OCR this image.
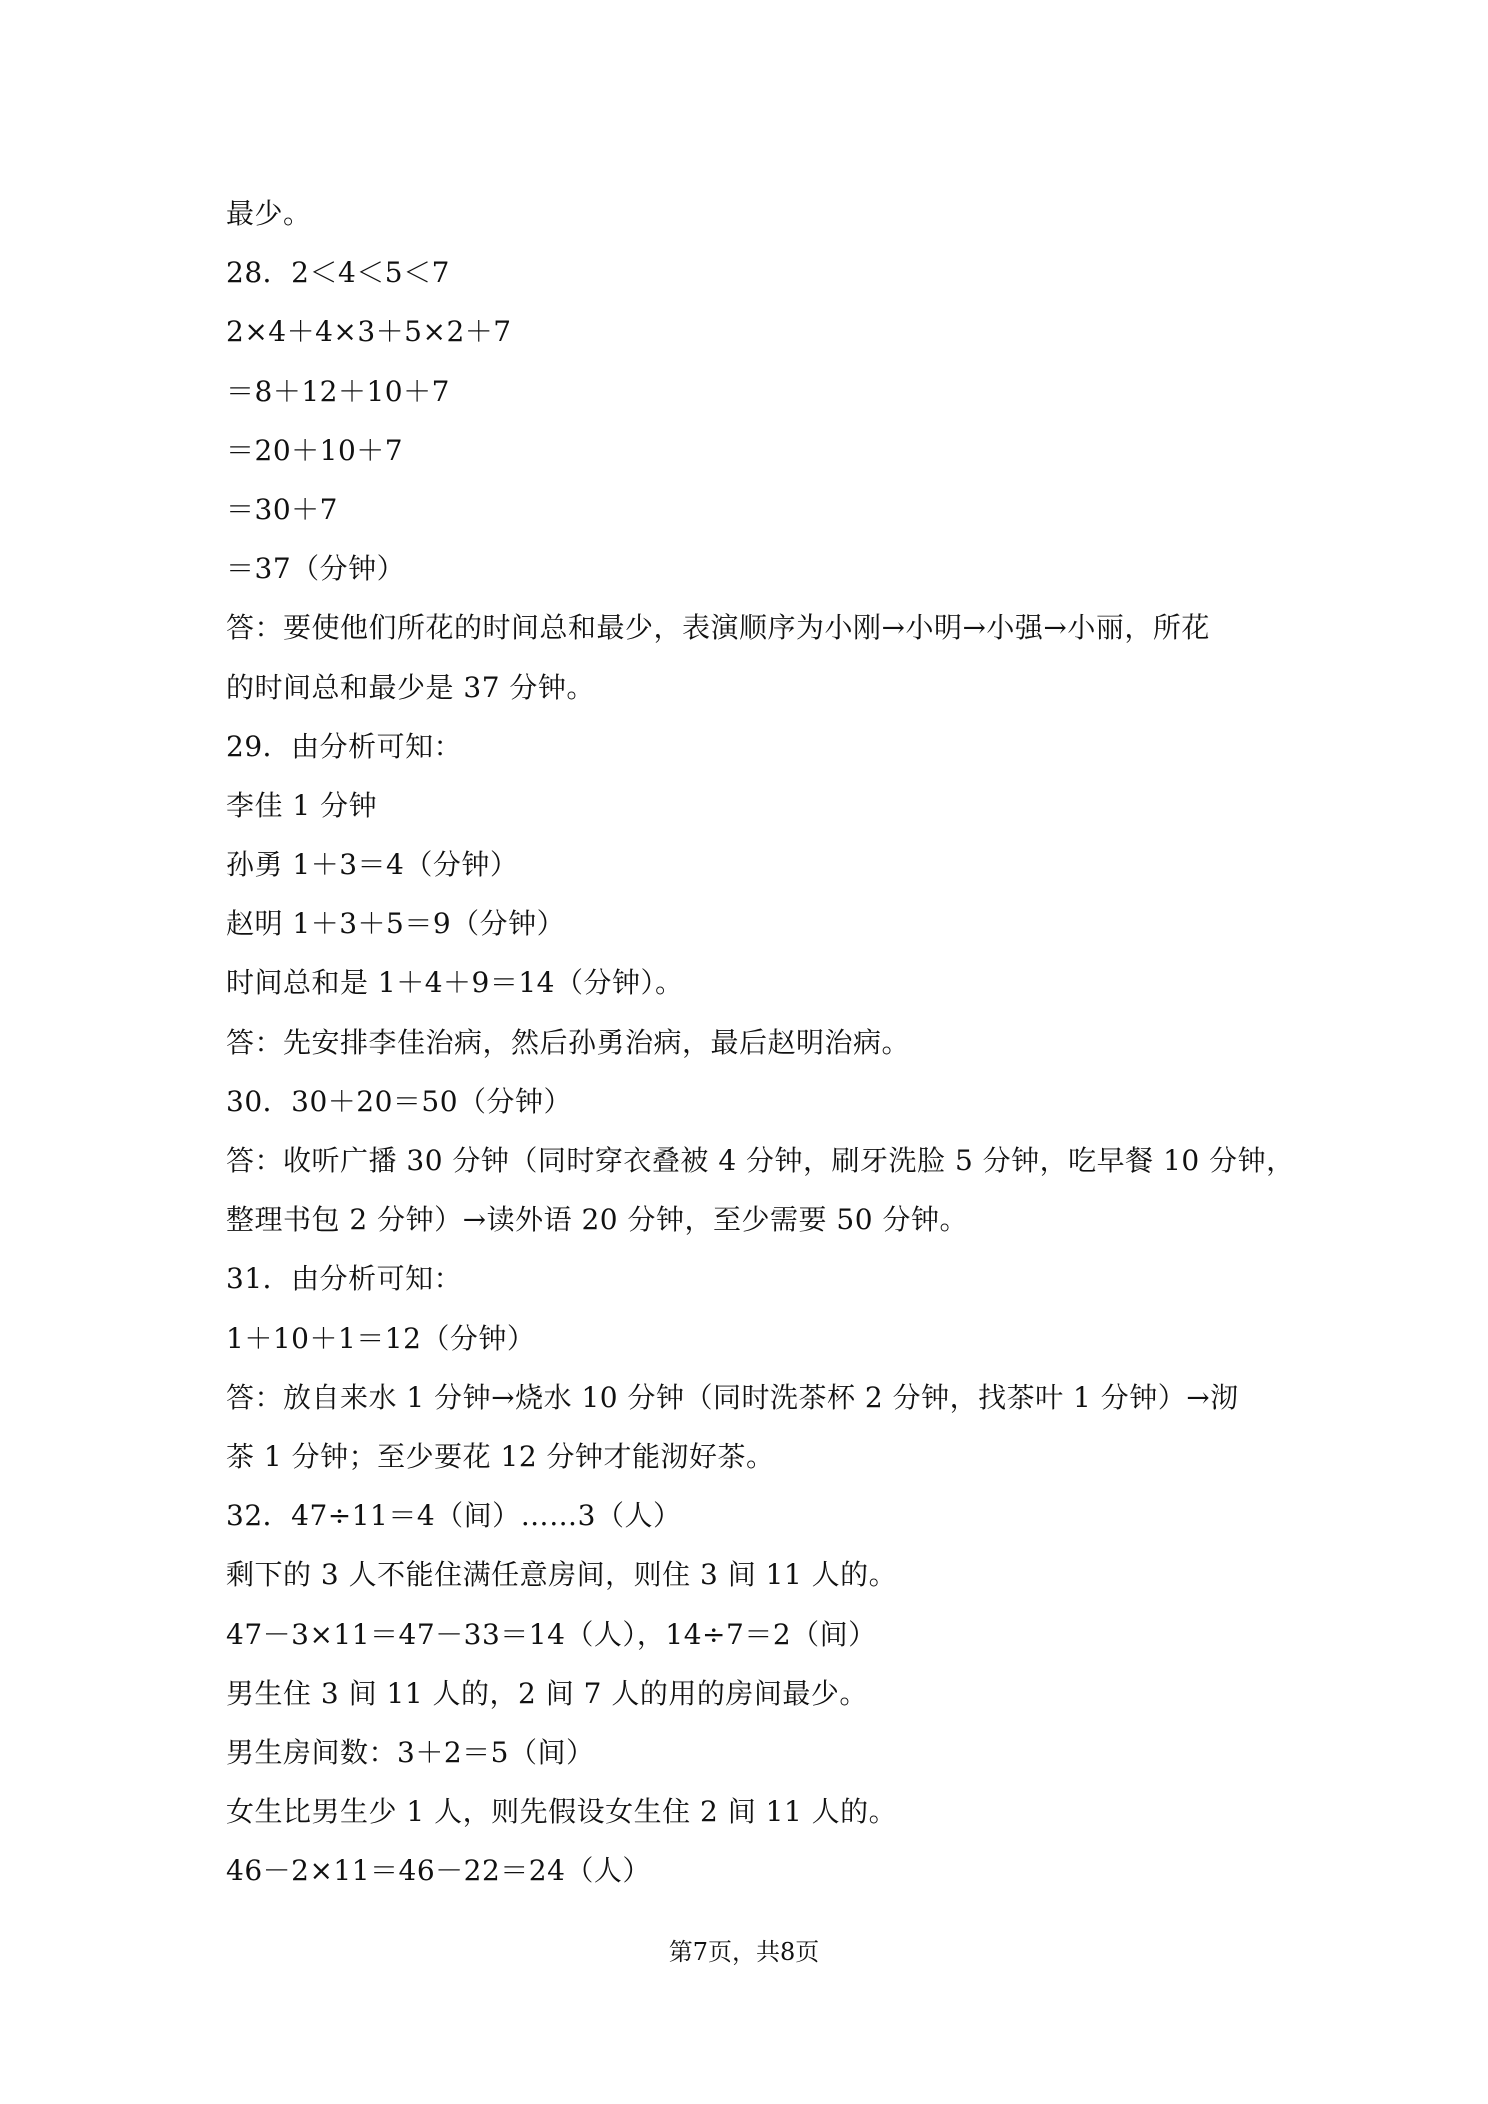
最少。
28．2＜4＜5＜7
2×4＋4×3＋5×2＋7
＝8＋12＋10＋7
＝20＋10＋7
＝30＋7
＝37（分钟）
答：要使他们所花的时间总和最少，表演顺序为小刚→小明→小强→小丽，所花
的时间总和最少是 37 分钟。
29．由分析可知：
李佳 1 分钟
孙勇 1＋3＝4（分钟）
赵明 1＋3＋5＝9（分钟）
时间总和是 1＋4＋9＝14（分钟）。
答：先安排李佳治病，然后孙勇治病，最后赵明治病。
30．30＋20＝50（分钟）
答：收听广播 30 分钟（同时穿衣叠被 4 分钟，刷牙洗脸 5 分钟，吃早餐 10 分钟，
整理书包 2 分钟）→读外语 20 分钟，至少需要 50 分钟。
31．由分析可知：
1＋10＋1＝12（分钟）
答：放自来水 1 分钟→烧水 10 分钟（同时洗茶杯 2 分钟，找茶叶 1 分钟）→沏
茶 1 分钟；至少要花 12 分钟才能沏好茶。
32．47÷11＝4（间）……3（人）
剩下的 3 人不能住满任意房间，则住 3 间 11 人的。
47－3×11＝47－33＝14（人），14÷7＝2（间）
男生住 3 间 11 人的，2 间 7 人的用的房间最少。
男生房间数：3＋2＝5（间）
女生比男生少 1 人，则先假设女生住 2 间 11 人的。
46－2×11＝46－22＝24（人）
第7页，共8页
